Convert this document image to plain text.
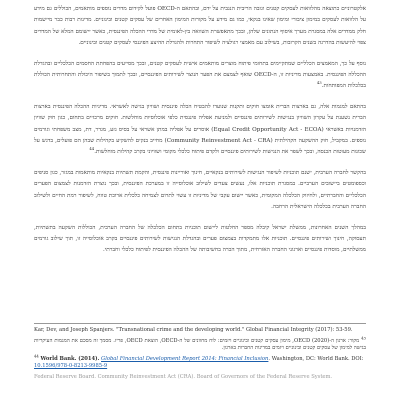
אלקטרוניים כתוצאה מהלוואות לעסקים קטנים וגובה הריבית הנגבית על ידם, ובהתאם ה-OECD פועל לקידום מדדים נוספים מותאמים, הכוללים גם מידע על הלוואות לעסקים במימון ציבורי ומימון שאינו בנקאי, כמו גם מידע על מקורות המימון האחרים של עסקים קטנים ובינוניים. מדינות רבות כבר מיישמות חלק ממדדים אלה במסגרת מערך איסוף הנתונים שלהן, ובכך מתאפשרת השוואה בין-לאומית של מדדי ההכלה הפיננסית, כאשר יישומם המלא של המדדים צפוי להיעשות בהדרגה בשנים הקרובות, בשילוב עם מאמצי רגולציה לשיפור התחרות ולהגדלת ההיצע הפיננסי לעסקים קטנים ובינוניים.
נוסף על כך, המאמצים הכלליים שמתקיימים בתחומי פיתוח מוצרים מותאמים אישית לעסקים קטנים, ובכך מסייעים בהפחתת החסמים הכלכליים ובהגדלת ההכללה הפיננסית. באמצעות מדיניות זו, ה-OECD שואף לצמצם את הפער הנוצר לשירותים הפיננסיים, ובכך לתמוך בשיפור היכולת והתחרותית הכוללת בכלכלות המפותחות.$^{43}$
בהתאם למגמות אלה, גם בארצות הברית אומצו חוקים ותקנות שנועדו להבטיח הכלה פיננסית ושוויון בגישה לאשראי. מדיניות ההכלה הפיננסית בארצות הברית נשענת על עקרון השוויון בנגישות לשירותים פיננסיים ולמניעת אפליה פיננסית כלפי אוכלוסיות מוחלשות. חוקים מרכזיים בתחום, כגון חוק שוויון הזדמנויות באשראי (Equal Credit Opportunity Act - ECOA) אוסרים על אפליה במתן אשראי על בסיס גזע, מגדר, דת, מצב משפחתי וגורמים נוספים. במקביל, חוק ההשקעה הקהילתית (Community Reinvestment Act - CRA) מחייב בנקים להשקיע בקהילות שבהן הם פועלים, בדגש על שכונות מעוטות הכנסה, ובכך לשפר את הנגישות לשירותים פיננסיים ולקדם פיתוח כלכלי מקומי ושוויוני בקרב קהילות מוחלשות.$^{44}$
בהקשר לחברה הערבית, ישנם תוכניות לשיפור הנגישות לשירותים בנקאיים, חינוך ואוריינות פיננסית, והקמת תשתיות בנקאיות מותאמות במגזר, כגון סניפים וכספומטים ביישובים הערביים. במסגרת תוכניות אלו, נעשים צעדים לשילוב אוכלוסייה זו במערכת הפיננסית, ובכך נוצרת הזדמנות לצמצום הפערים הכלכליים והחברתיים, ולחיזוק הכלכלה המקומית, כאשר יישום עקבי של מדיניות זו עשוי לתרום לצמיחה כלכלית ארוכת טווח, לשיפור רמת החיים ולשילוב החברה הערבית בכלכלה הישראלית הרחבה.
במהלך השנים האחרונות, ממשלת ישראל קיבלה מספר החלטות ליישום תוכניות בתחום הכלכלה של החברה הערבית, הכוללות השקעה בתשתיות, תעסוקה, חינוך ושירותים פיננסיים. תוכניות אלו מתמקדות בצמצום פערים ובהגדלת הנגישות לשירותים פיננסיים בקרב אוכלוסייה זו, תוך שילוב גורמים ממשלתיים, מוסדות פיננסיים וארגוני החברה האזרחית, מתוך הכרה בחשיבותה של ההכלה הפיננסית לפיתוח כלכלי וחברתי.
Kar, Dev, and Joseph Spanjers. "Transnational crime and the developing world." Global Financial Integrity (2017): 53-59.
$^{43}$ מקור: ארגון ה-OECD (2020), מימון עסקים קטנים ובינוניים ויזמים: לוח מחוונים של ה-OECD, הוצאת OECD, פריז. מסמך זה מסכם את המגמות העיקריות בגישה למימון של עסקים קטנים ובינוניים ויזמים במדינות החברות בארגון.
$^{44}$ World Bank. (2014). Global Financial Development Report 2014: Financial Inclusion. Washington, DC: World Bank. DOI: 10.1596/978-0-8213-9985-9
Federal Reserve Board. Community Reinvestment Act (CRA). Board of Governors of the Federal Reserve System.
